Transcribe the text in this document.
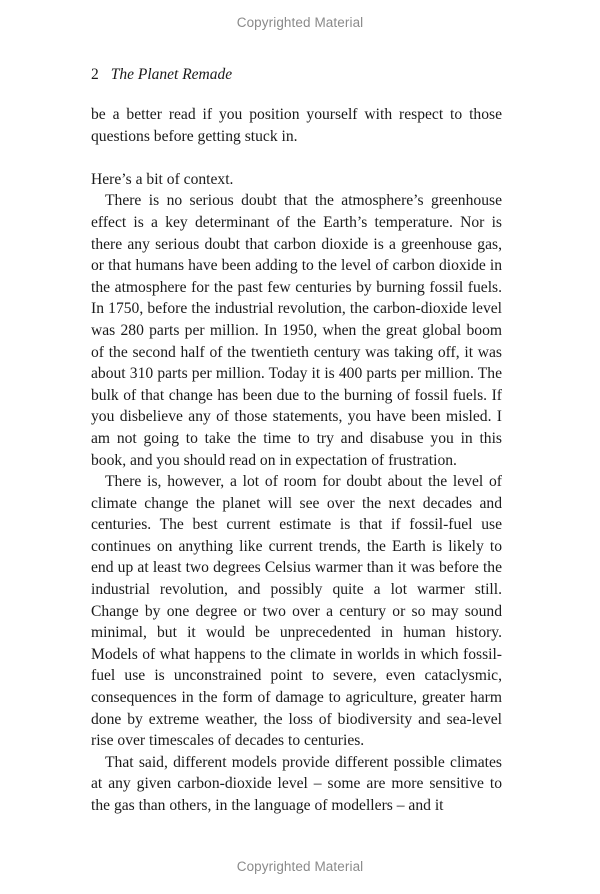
Copyrighted Material
2 The Planet Remade

be a better read if you position yourself with respect to those questions before getting stuck in.

Here’s a bit of context.

There is no serious doubt that the atmosphere’s greenhouse effect is a key determinant of the Earth’s temperature. Nor is there any serious doubt that carbon dioxide is a greenhouse gas, or that humans have been adding to the level of carbon dioxide in the atmosphere for the past few centuries by burning fossil fuels. In 1750, before the industrial revolution, the carbon-dioxide level was 280 parts per million. In 1950, when the great global boom of the second half of the twentieth century was taking off, it was about 310 parts per million. Today it is 400 parts per million. The bulk of that change has been due to the burning of fossil fuels. If you disbelieve any of those statements, you have been misled. I am not going to take the time to try and disabuse you in this book, and you should read on in expectation of frustration.

There is, however, a lot of room for doubt about the level of climate change the planet will see over the next decades and centuries. The best current estimate is that if fossil-fuel use continues on anything like current trends, the Earth is likely to end up at least two degrees Celsius warmer than it was before the industrial revolution, and possibly quite a lot warmer still. Change by one degree or two over a century or so may sound minimal, but it would be unprecedented in human history. Models of what happens to the climate in worlds in which fossil-fuel use is unconstrained point to severe, even cataclysmic, consequences in the form of damage to agriculture, greater harm done by extreme weather, the loss of biodiversity and sea-level rise over timescales of decades to centuries.

That said, different models provide different possible climates at any given carbon-dioxide level – some are more sensitive to the gas than others, in the language of modellers – and it

Copyrighted Material
